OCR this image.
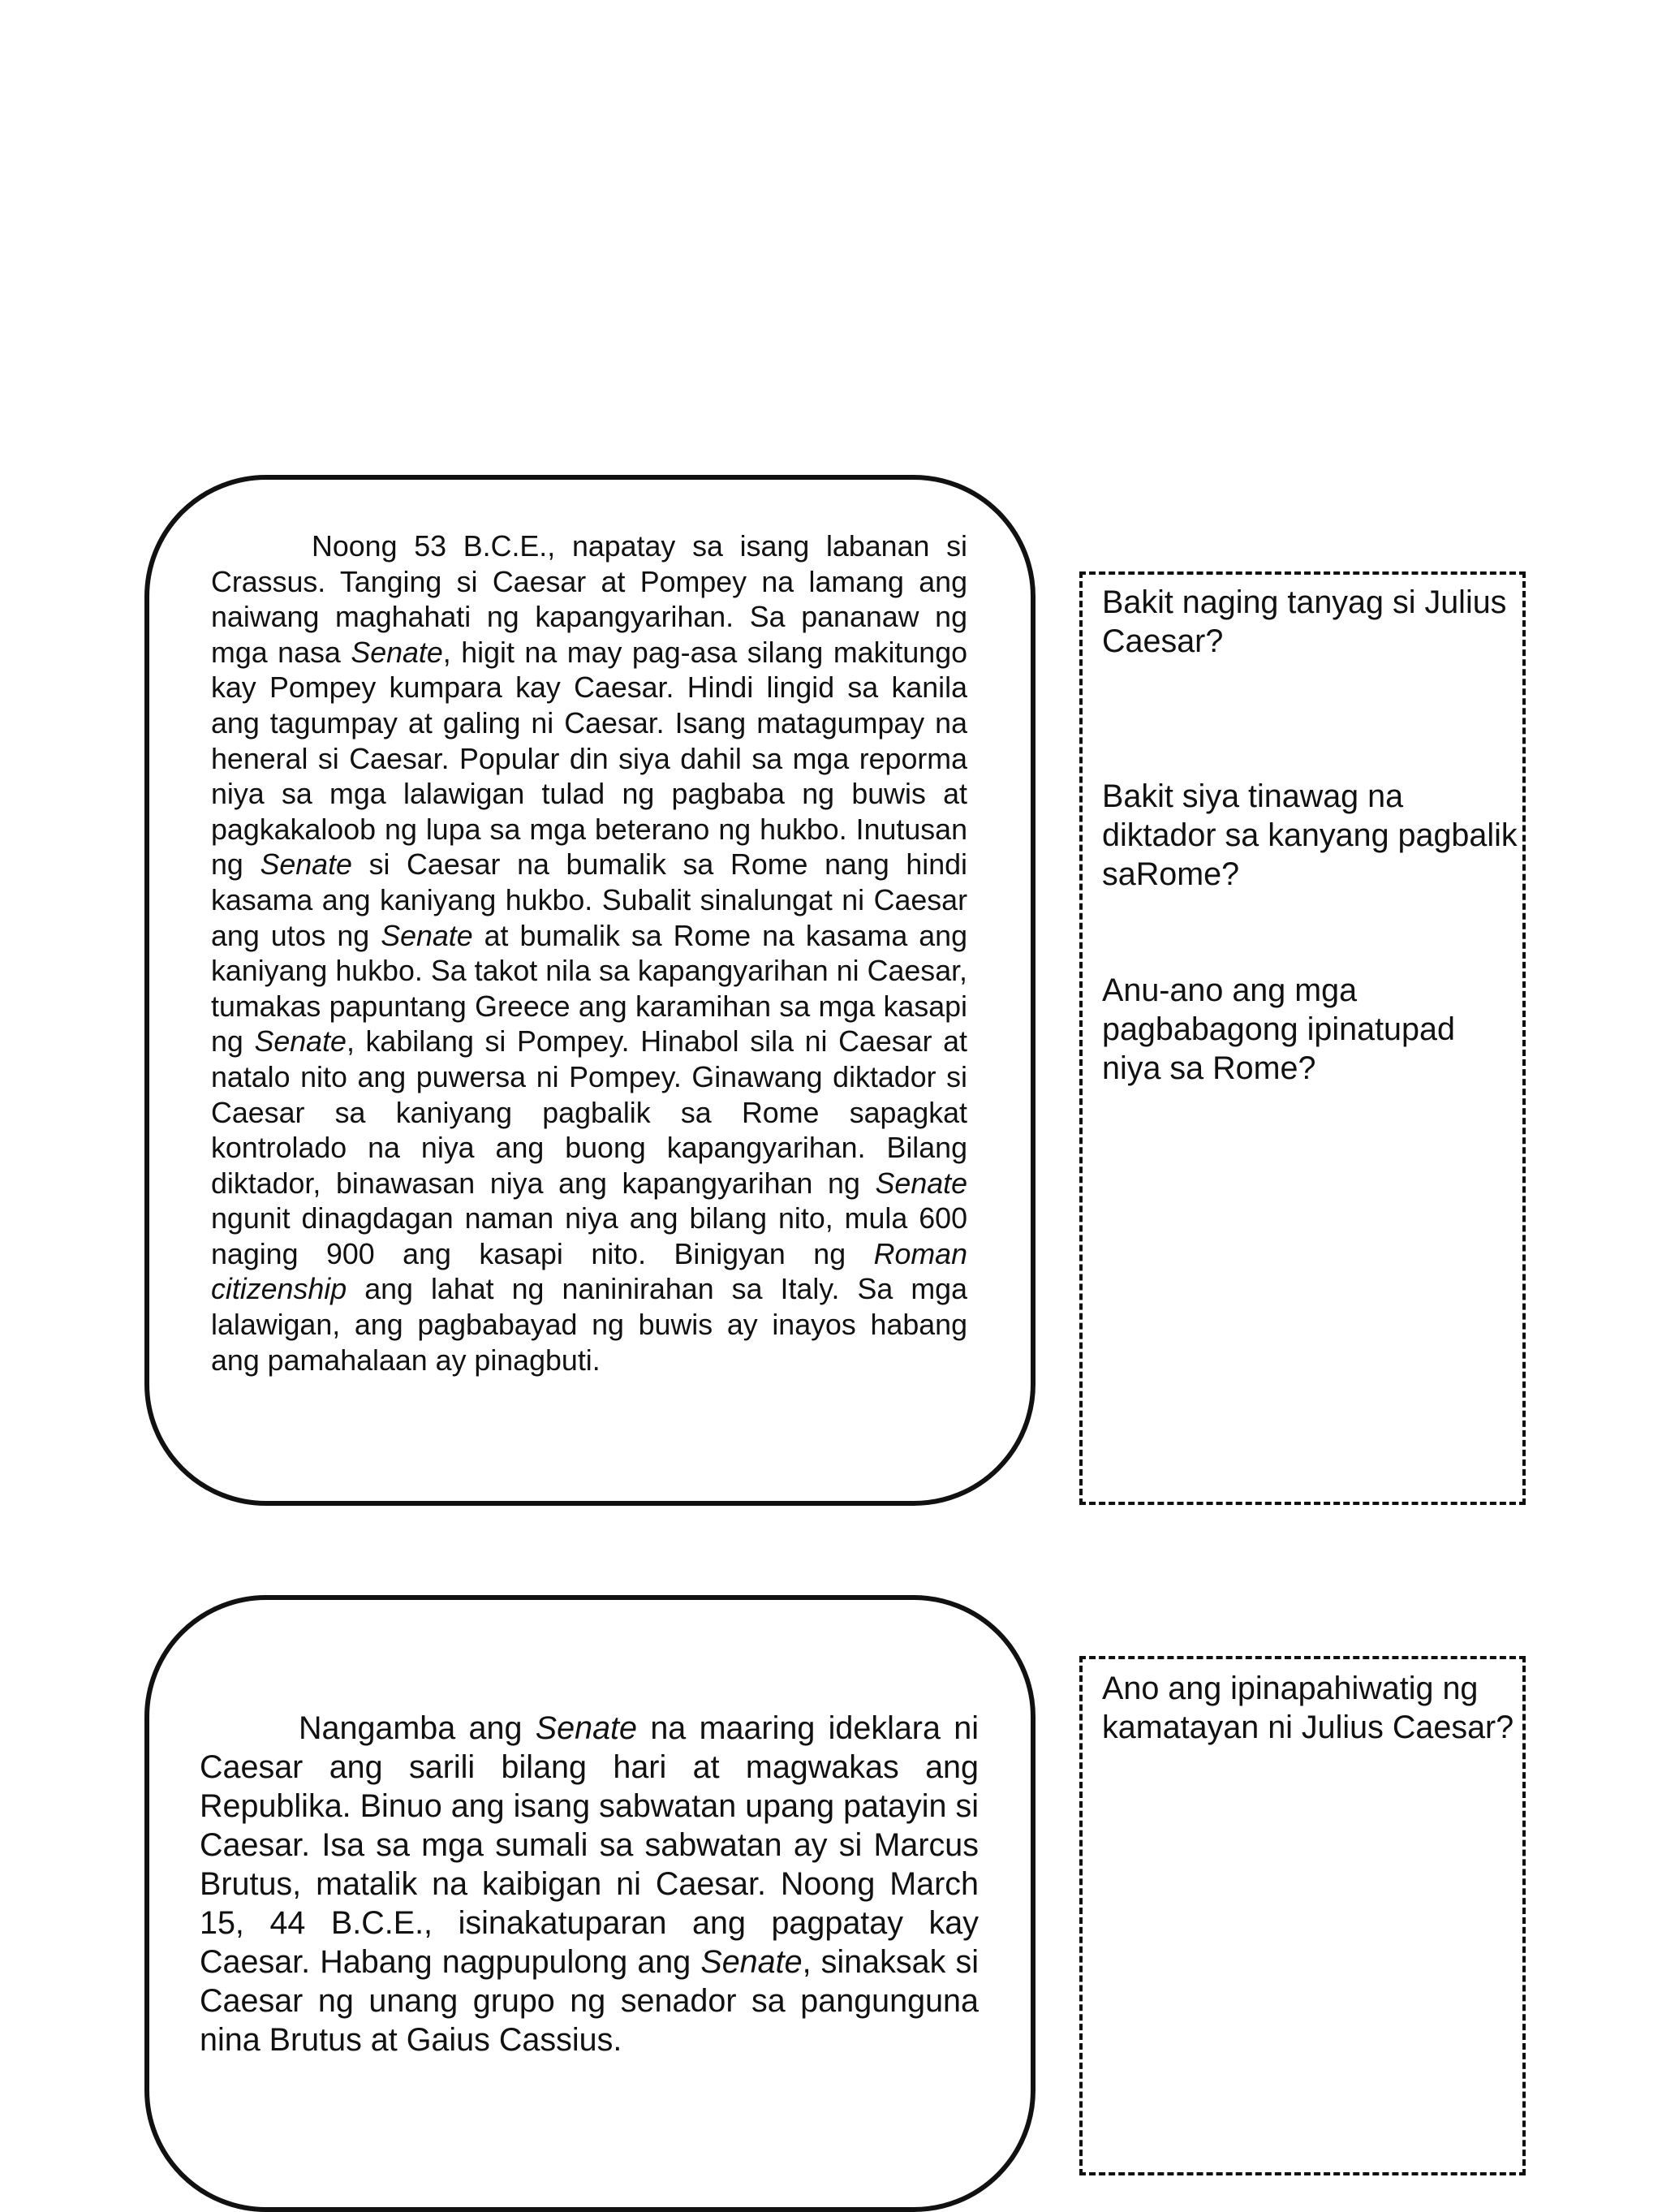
Noong 53 B.C.E., napatay sa isang labanan si Crassus. Tanging si Caesar at Pompey na lamang ang naiwang maghahati ng kapangyarihan. Sa pananaw ng mga nasa Senate, higit na may pag-asa silang makitungo kay Pompey kumpara kay Caesar. Hindi lingid sa kanila ang tagumpay at galing ni Caesar. Isang matagumpay na heneral si Caesar. Popular din siya dahil sa mga reporma niya sa mga lalawigan tulad ng pagbaba ng buwis at pagkakaloob ng lupa sa mga beterano ng hukbo. Inutusan ng Senate si Caesar na bumalik sa Rome nang hindi kasama ang kaniyang hukbo. Subalit sinalungat ni Caesar ang utos ng Senate at bumalik sa Rome na kasama ang kaniyang hukbo. Sa takot nila sa kapangyarihan ni Caesar, tumakas papuntang Greece ang karamihan sa mga kasapi ng Senate, kabilang si Pompey. Hinabol sila ni Caesar at natalo nito ang puwersa ni Pompey. Ginawang diktador si Caesar sa kaniyang pagbalik sa Rome sapagkat kontrolado na niya ang buong kapangyarihan. Bilang diktador, binawasan niya ang kapangyarihan ng Senate ngunit dinagdagan naman niya ang bilang nito, mula 600 naging 900 ang kasapi nito. Binigyan ng Roman citizenship ang lahat ng naninirahan sa Italy. Sa mga lalawigan, ang pagbabayad ng buwis ay inayos habang ang pamahalaan ay pinagbuti.

Bakit naging tanyag si Julius Caesar?

Bakit siya tinawag na diktador sa kanyang pagbalik saRome?

Anu-ano ang mga pagbabagong ipinatupad niya sa Rome?

Nangamba ang Senate na maaring ideklara ni Caesar ang sarili bilang hari at magwakas ang Republika. Binuo ang isang sabwatan upang patayin si Caesar. Isa sa mga sumali sa sabwatan ay si Marcus Brutus, matalik na kaibigan ni Caesar. Noong March 15, 44 B.C.E., isinakatuparan ang pagpatay kay Caesar. Habang nagpupulong ang Senate, sinaksak si Caesar ng unang grupo ng senador sa pangunguna nina Brutus at Gaius Cassius.

Ano ang ipinapahiwatig ng kamatayan ni Julius Caesar?
